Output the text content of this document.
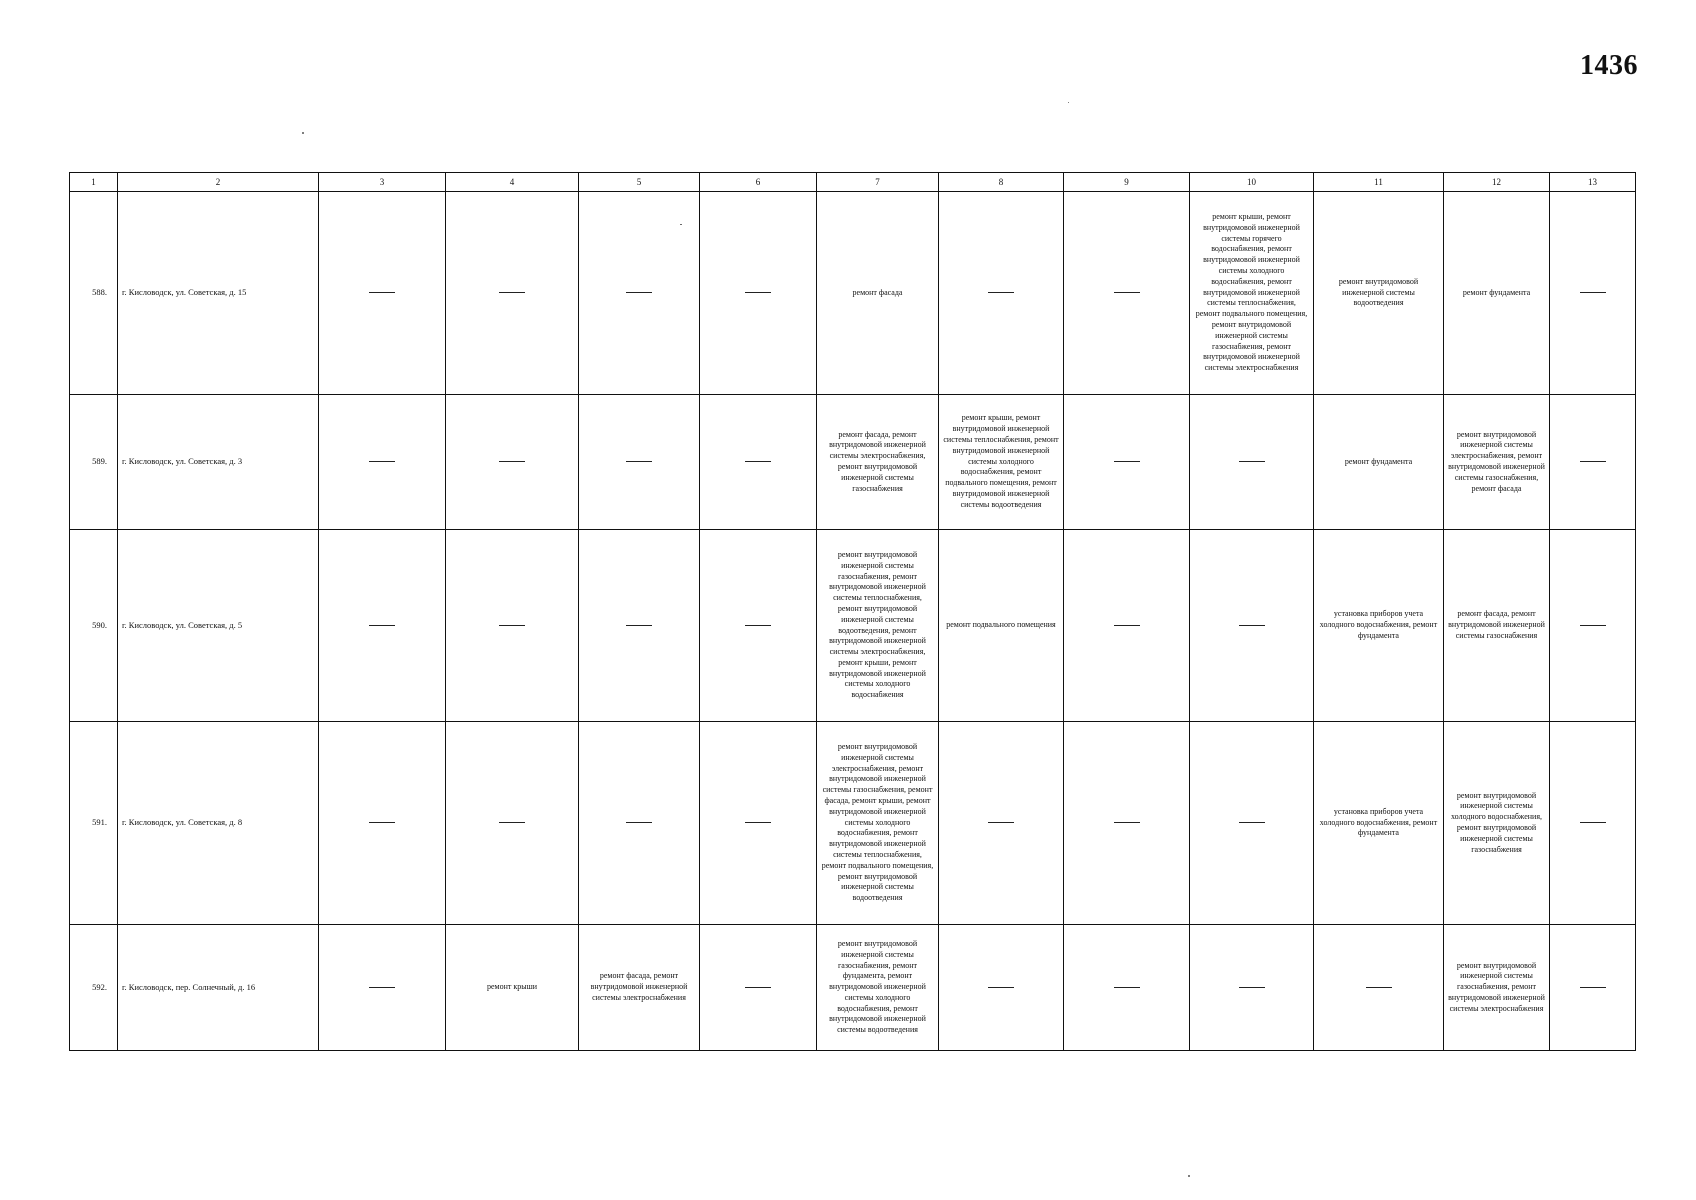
1436
1	2	3	4	5	6	7	8	9	10	11	12	13
588.	г. Кисловодск, ул. Советская, д. 15					ремонт фасада			ремонт крыши, ремонт внутридомовой инженерной системы горячего водоснабжения, ремонт внутридомовой инженерной системы холодного водоснабжения, ремонт внутридомовой инженерной системы теплоснабжения, ремонт подвального помещения, ремонт внутридомовой инженерной системы газоснабжения, ремонт внутридомовой инженерной системы электроснабжения	ремонт внутридомовой инженерной системы водоотведения	ремонт фундамента	
589.	г. Кисловодск, ул. Советская, д. 3					ремонт фасада, ремонт внутридомовой инженерной системы электроснабжения, ремонт внутридомовой инженерной системы газоснабжения	ремонт крыши, ремонт внутридомовой инженерной системы теплоснабжения, ремонт внутридомовой инженерной системы холодного водоснабжения, ремонт подвального помещения, ремонт внутридомовой инженерной системы водоотведения			ремонт фундамента	ремонт внутридомовой инженерной системы электроснабжения, ремонт внутридомовой инженерной системы газоснабжения, ремонт фасада	
590.	г. Кисловодск, ул. Советская, д. 5					ремонт внутридомовой инженерной системы газоснабжения, ремонт внутридомовой инженерной системы теплоснабжения, ремонт внутридомовой инженерной системы водоотведения, ремонт внутридомовой инженерной системы электроснабжения, ремонт крыши, ремонт внутридомовой инженерной системы холодного водоснабжения	ремонт подвального помещения			установка приборов учета холодного водоснабжения, ремонт фундамента	ремонт фасада, ремонт внутридомовой инженерной системы газоснабжения	
591.	г. Кисловодск, ул. Советская, д. 8					ремонт внутридомовой инженерной системы электроснабжения, ремонт внутридомовой инженерной системы газоснабжения, ремонт фасада, ремонт крыши, ремонт внутридомовой инженерной системы холодного водоснабжения, ремонт внутридомовой инженерной системы теплоснабжения, ремонт подвального помещения, ремонт внутридомовой инженерной системы водоотведения				установка приборов учета холодного водоснабжения, ремонт фундамента	ремонт внутридомовой инженерной системы холодного водоснабжения, ремонт внутридомовой инженерной системы газоснабжения	
592.	г. Кисловодск, пер. Солнечный, д. 16		ремонт крыши	ремонт фасада, ремонт внутридомовой инженерной системы электроснабжения		ремонт внутридомовой инженерной системы газоснабжения, ремонт фундамента, ремонт внутридомовой инженерной системы холодного водоснабжения, ремонт внутридомовой инженерной системы водоотведения					ремонт внутридомовой инженерной системы газоснабжения, ремонт внутридомовой инженерной системы электроснабжения	
